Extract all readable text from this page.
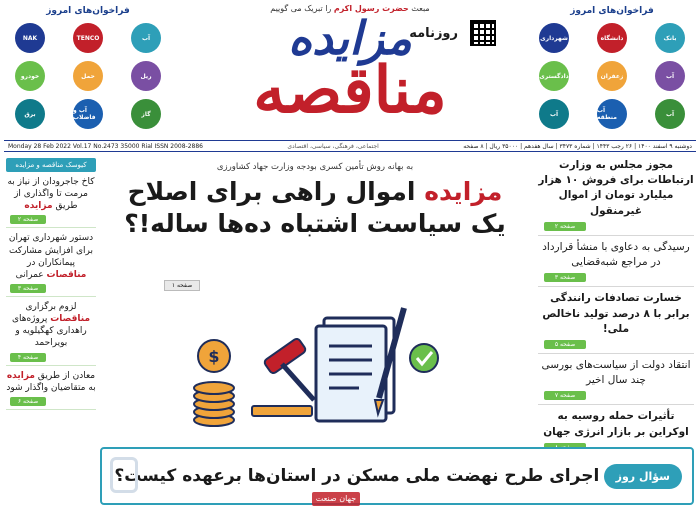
فراخوان‌های امروز
NAK	TENCO	آب
خودرو	حمل	ریل
برق	آب و فاضلاب	گاز
مبعث حضرت رسول اکرم را تبریک می گوییم
مزایده
مناقصه
روزنامه
فراخوان‌های امروز
شهرداری	دانشگاه	بانک
دادگستری	زعفران	آب
آب	آب منطقه	آب
Monday 28 Feb 2022 Vol.17 No.2473 35000 Rial ISSN 2008-2886	اجتماعی، فرهنگی، سیاسی، اقتصادی	دوشنبه ۹ اسفند ۱۴۰۰ | ۲۶ رجب ۱۴۴۳ | شماره ۳۴۷۳ | سال هفدهم | ۳۵۰۰۰ ریال | ۸ صفحه
کیوسک مناقصه و مزایده
کاخ جاجرودان از نیاز به مرمت تا واگذاری از طریق مزایده
صفحه ۲
دستور شهرداری تهران برای افزایش مشارکت پیمانکاران در مناقصات عمرانی
صفحه ۳
لزوم برگزاری مناقصات پروژه‌های راهداری کهگیلویه و بویراحمد
صفحه ۴
معادن از طریق مزایده به متقاضیان واگذار شود
صفحه ۶
به بهانه روش تأمین کسری بودجه وزارت جهاد کشاورزی
مزایده اموال راهی برای اصلاح
یک سیاست اشتباه ده‌ها ساله!؟
صفحه ۱
$
مجوز مجلس به وزارت ارتباطات برای فروش ۱۰ هزار میلیارد تومان از اموال غیرمنقول
صفحه ۲
رسیدگی به دعاوی با منشأ قرارداد در مراجع شبه‌قضایی
صفحه ۳
خسارت تصادفات رانندگی برابر با ۸ درصد تولید ناخالص ملی!
صفحه ۵
انتقاد دولت از سیاست‌های بورسی چند سال اخیر
صفحه ۷
تأثیرات حمله روسیه به اوکراین بر بازار انرژی جهان
سؤال روز
اجرای طرح نهضت ملی مسکن در استان‌ها برعهده کیست؟
جهان صنعت
